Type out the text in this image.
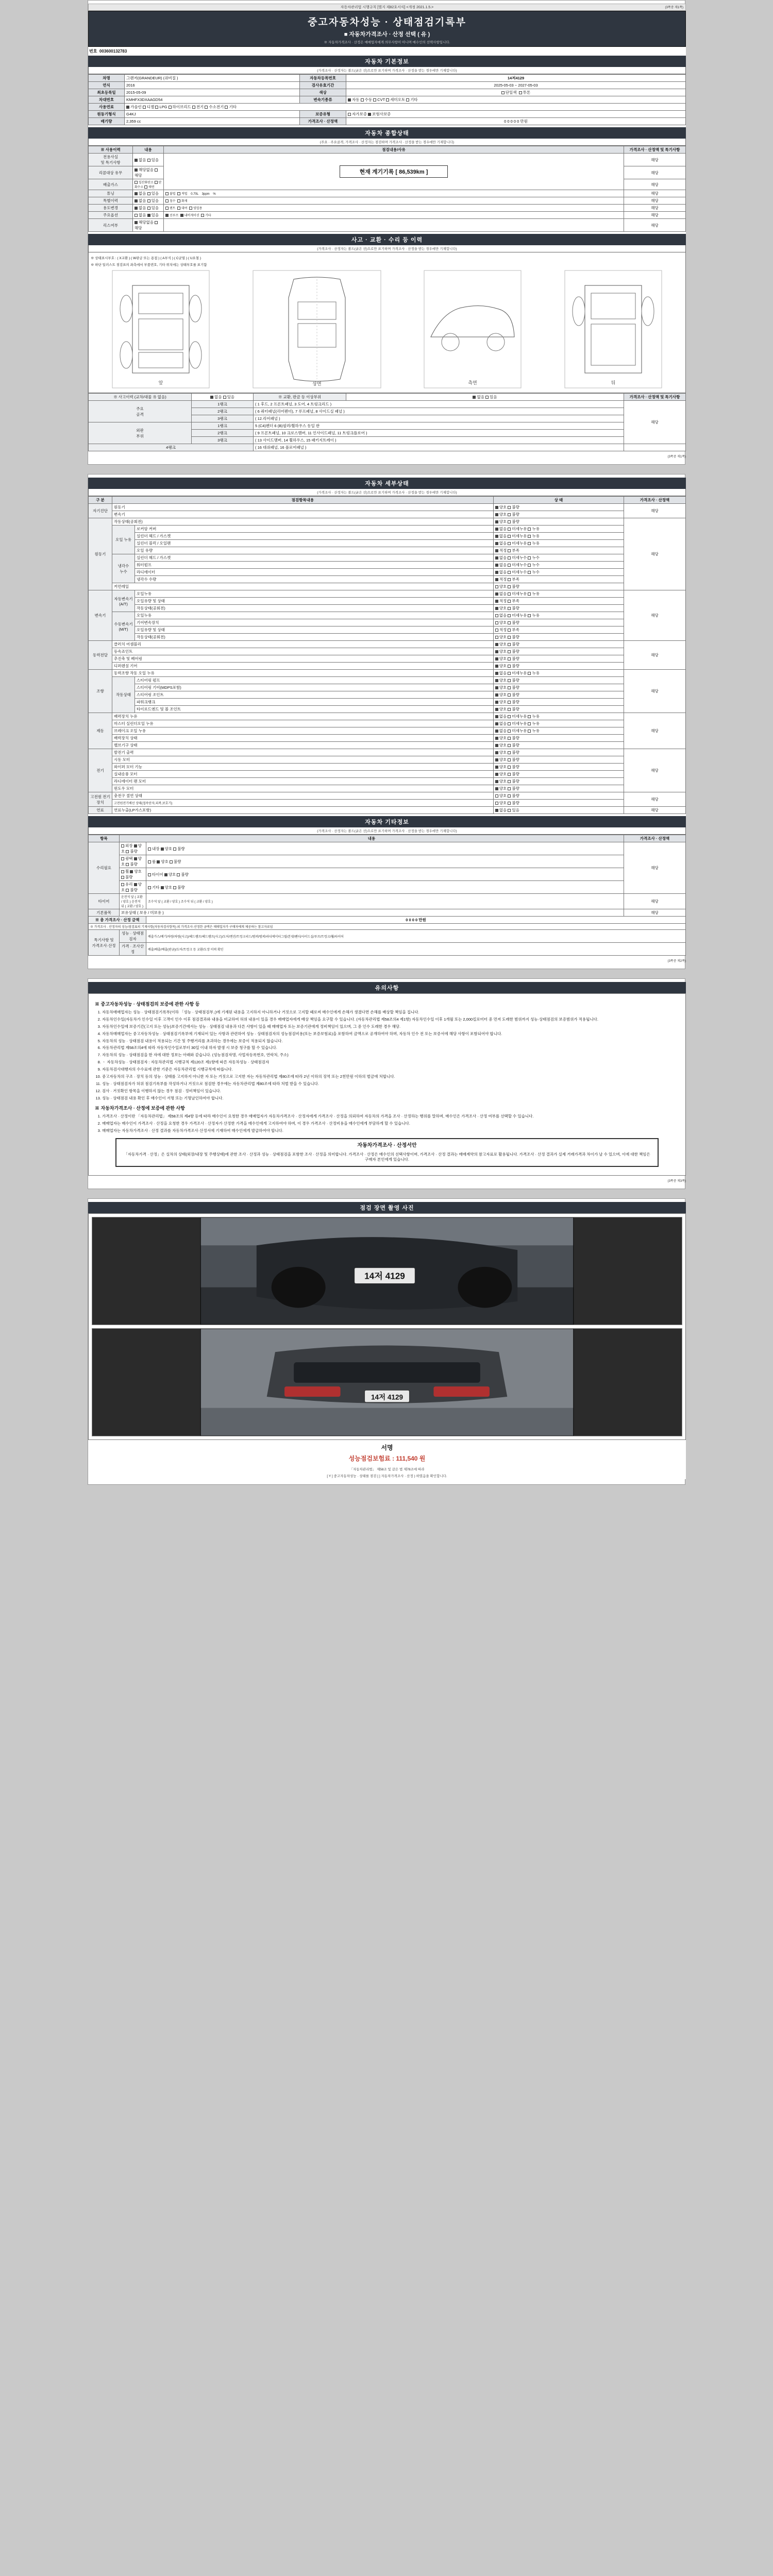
자동차관리법 시행규칙 [별지 제82호서식] <개정 2021.1.5.>	(3쪽중 제1쪽)
중고자동차성능 · 상태점검기록부
■ 자동차가격조사 · 산정 선택 ( 유 )
※ 자동차가격조사 · 산정은 매매업자에게 의무사항이 아니며 매수인의 선택사항입니다.
번호 003600132783
자동차 기본정보
(가격조사 · 산정자는 볼드(굵은 선)으로만 표기하며 가격조사 · 산정을 받는 경우에만 기재합니다)
차명	그랜저(GRANDEUR) (쉬비질 )	자동차등록번호	14저4129
연식	2016	검사유효기간	2025-05-03 ~ 2027-05-03
최초등록일	2015-05-09	색상	단일색  투톤
차대번호	KMHFX3DXAAGD54	변속기종류	자동 수동 CVT 세미오토 기타
사용연료	가솔린 디젤 LPG 하이브리드 전기 수소전기 기타		
원동기형식	G4KJ	보증유형	자가보증 보험사보증
배기량	2,359 cc	가격조사 · 산정액	0 0 0 0 0 만원
자동차 종합상태
(주요 · 주요골격, 가격조사 · 산정자는 점검하며 가격조사 · 산정을 받는 경우에만 기재합니다)
※ 사용이력	내용	점검내용/사유	가격조사 · 산정액 및 특기사항
전용사실
및 특기사항	없음 있음	현재 계기기록 [ 86,539km ]	해당
리콜대상 유무	해당없음 해당		해당
배출가스	일산화탄소 탄화수소 매연		해당
튜닝	없음 있음	불법  적법    0.70L    3ppm    %	해당
특별이력	없음 있음	침수  화재	해당
용도변경	없음 있음	렌트  대여  영업용	해당
주요옵션	없음 있음	선루프  내비게이션  기타	해당
리스여부	해당없음 해당		해당
사고 · 교환 · 수리 등 이력
(가격조사 · 산정자는 볼드(굵은 선)으로만 표기하며 가격조사 · 산정을 받는 경우에만 기재합니다)
※ 상태표시부호 : ( X교환 ) ( W판금 또는 용접 ) ( A부식 ) ( C균열 ) ( U요철 )
※ 하단 일러스트 점검표의 좌측에서 부품번호, 기타 위치에는 상태부호를 표기함
앞	상면	측면	뒤
※ 사고이력 (교차/대물 유 없음)	없음 있음	※ 교환, 판금 등 이상부위	없음 있음	가격조사 · 산정액 및 특기사항
주요
골격	1랭크	( 1 후드, 2 프론트패널, 3 도어, 4 트렁크리드 )		해당
	2랭크	( 6 쿼터패널(리어펜더), 7 루프패널, 8 사이드실 패널 )		
	3랭크	( 12.리어패널 )		
외판
부위	1랭크	5 (C4)펜더 6 (B)필러/휠하우스 동일 판		
	2랭크	( 9 프론트패널, 10 크로스멤버, 11 인사이드패널, 11 트렁크플로어 )		
	3랭크	( 13 사이드멤버, 14 휠하우스, 15 패키지트레이 )		
4랭크		( 16 대쉬패널, 16 플로어패널 )		
(3쪽중 제1쪽)
자동차 세부상태
(가격조사 · 산정자는 볼드(굵은 선)으로만 표기하며 가격조사 · 산정을 받는 경우에만 기재합니다)
구 분	점검항목내용		상 태	가격조사 · 산정액
자기진단	원동기		양호 불량	해당
	변속기		양호 불량	
원동기	작동상태(공회전)		양호 불량	해당
	오일 누유	로커암 커버	없음 미세누유 누유	
		실린더 헤드 / 가스켓	없음 미세누유 누유	
		실린더 블럭 / 오일팬	없음 미세누유 누유	
		오일 유량	적정 부족	
	냉각수
누수	실린더 헤드 / 가스켓	없음 미세누수 누수	
		워터펌프	없음 미세누수 누수	
		라디에이터	없음 미세누수 누수	
		냉각수 수량	적정 부족	
	커먼레일		양호 불량	
변속기	자동변속기
(A/T)	오일누유	없음 미세누유 누유	해당
		오일유량 및 상태	적정 부족	
		작동상태(공회전)	양호 불량	
	수동변속기
(M/T)	오일누유	없음 미세누유 누유	
		기어변속장치	양호 불량	
		오일유량 및 상태	적정 부족	
		작동상태(공회전)	양호 불량	
동력전달	클러치 어셈블리		양호 불량	해당
	등속죠인트		양호 불량	
	추진축 및 베어링		양호 불량	
	디퍼렌셜 기어		양호 불량	
조향	동력조향 작동 오일 누유		없음 미세누유 누유	해당
	작동상태	스티어링 펌프	양호 불량	
		스티어링 기어(MDPS포함)	양호 불량	
		스티어링 조인트	양호 불량	
		파워크랭크	양호 불량	
		타이로드엔드 및 볼 조인트	양호 불량	
제동	배력장치 누유		없음 미세누유 누유	해당
	마스터 실린더오일 누유		없음 미세누유 누유	
	브레이크 오일 누유		없음 미세누유 누유	
	배력장치 상태		양호 불량	
	밸브기구 상태		양호 불량	
전기	발전기 출력		양호 불량	해당
	시동 모터		양호 불량	
	와이퍼 모터 기능		양호 불량	
	실내송풍 모터		양호 불량	
	라디에이터 팬 모터		양호 불량	
	윈도우 모터		양호 불량	
고전원 전기장치	충전구 절연 상태		양호 불량	해당
	고전원전기배선 상태(접속단자,피복,보호기)		양호 불량	
연료	연료누출(LP가스포함)		없음 있음	해당
자동차 기타정보
(가격조사 · 산정자는 볼드(굵은 선)으로만 표기하며 가격조사 · 산정을 받는 경우에만 기재합니다)
항목	내용		가격조사 · 산정액
수리필요	외장 양호 불량	내장 양호 불량	해당
	광택 양호 불량	룸 양호 불량	
	휠 양호 불량	타이어 양호 불량	
	유리 양호 불량	기타 양호 불량	
타이어	운전석 앞 ( 교환 / 양호 ) 운전석 뒤 ( 교환 / 양호 )	조수석 앞 ( 교환 / 양호 ) 조수석 뒤 ( 교환 / 양호 )	해당
기본품목	보유상태 ( 보유 / 미보유 )		해당
※ 총 가격조사 · 산정 금액		0 0 0 0 만원	
※ 가격조사 · 산정자의 성능/점검표의 기재사항(자동차검사항목) 외 가격조사·산정한 금액은 매매업자가 구매자에게 제공하는 참고자료임			
특기사항 및
가격조사·산정	성능 · 상태점검자	배출가스/배기/차량/차량(사고)/헤드램프/헤드램프(사고)/도어/엔진/트렁크리드/범퍼/범퍼/라디에이터그릴/본넷/펜더/사이드실/루프/트렁크/휠/타이어	
	가격 · 조사산정	배출/배출/배출(판금)/도어/트렁크 등 교환/도장 이력 확인	
(3쪽중 제2쪽)
유의사항
※ 중고자동차성능 · 상태점검의 보증에 관한 사항 등
1. 자동차매매업자는 성능 · 상태점검기록부(이하 「성능 · 상태점검부」)에 기재된 내용을 고지하지 아니하거나 거짓으로 고지할 때로써 매수인에게 손해가 생겼다면 손해를 배상할 책임을 집니다.
2. 자동차인수일(자동차가 인수일 이후 고객이 인수 이후 점검결과와 내용을 비교하여 허위 내용이 있을 경우 매매업자에게 배상 책임을 요구할 수 있습니다. (자동차관리법 제58조의4 제1항) 자동차인수일 이후 1개월 또는 2,000킬로미터 중 먼저 도래한 범위까지 성능·상태점검의 보증범위가 적용됩니다.
3. 자동차인수일에 보증기간(고지 또는 성능)보증기간에서는 성능 · 상태점검 내용과 다른 사항이 있을 때 매매업자 또는 보증기관에게 정비책임이 있으며, 그 중 인수 도래한 경우 해당.
4. 자동차매매업자는 중고자동차성능 · 상태점검기록부에 기재되어 있는 사항과 관련하여 성능 · 상태점검자의 성능점검비용(또는 보증보험료)을 포함하여 금액으로 공개하여야 하며, 자동차 인수 전 또는 보증서에 해당 사항이 포함되어야 합니다.
5. 자동차의 성능 · 상태점검 내용이 적용되는 기간 및 주행거리를 초과하는 경우에는 보증이 적용되지 않습니다.
6. 자동차관리법 제58조의4에 따라 자동차인수일로부터 30일 이내 하자 발생 시 보증 청구를 할 수 있습니다.
7. 자동차의 성능 · 상태점검을 한 자에 대한 정보는 아래와 같습니다. (성능점검자명, 사업자등록번호, 연락처, 주소)
8. ㆍ 자동차성능 · 상태점검자 : 자동차관리법 시행규칙 제120조 제1항에 따른 자동차성능 · 상태점검자
9. 자동차검사대행자의 수수료에 관한 기준은 자동차관리법 시행규칙에 따릅니다.
10. 중고자동차의 구조 · 장치 등의 성능 · 상태를 고지하지 아니한 자 또는 거짓으로 고지한 자는 자동차관리법 제80조에 따라 2년 이하의 징역 또는 2천만원 이하의 벌금에 처합니다.
11. 성능 · 상태점검자가 허위 점검기록부를 작성하거나 거짓으로 점검한 경우에는 자동차관리법 제80조에 따라 처벌 받을 수 있습니다.
12. 검사 · 거짓확인 항목을 이행하지 않는 경우 점검 · 정비책임이 있습니다.
13. 성능 · 상태점검 내용 확인 후 매수인이 서명 또는 기명날인하여야 합니다.
※ 자동차가격조사 · 산정에 보증에 관한 사항
1. 가격조사 · 산정이란 「자동차관리법」 제58조의 제4항 등에 따라 매수인이 요청한 경우 매매업자가 자동차가격조사 · 산정자에게 가격조사 · 산정을 의뢰하여 자동차의 가격을 조사 · 산정하는 행위를 말하며, 매수인은 가격조사 · 산정 여부를 선택할 수 있습니다.
2. 매매업자는 매수인이 가격조사 · 산정을 요청한 경우 가격조사 · 산정자가 산정한 가격을 매수인에게 고지하여야 하며, 이 경우 가격조사 · 산정비용을 매수인에게 부담하게 할 수 있습니다.
3. 매매업자는 자동차가격조사 · 산정 결과를 자동차가격조사·산정서에 기재하여 매수인에게 발급하여야 합니다.
자동차가격조사 · 산정서안
「자동차가격 · 산정」은 실차의 상태(외장/내장 및 주행상태)에 관한 조사 · 산정과 성능 · 상태점검을 포함한 조사 · 산정을 의미합니다. 가격조사 · 산정은 매수인의 선택사항이며, 가격조사 · 산정 결과는 매매계약의 참고자료로 활용됩니다. 가격조사 · 산정 결과가 실제 거래가격과 차이가 날 수 있으며, 이에 대한 책임은 구매자 본인에게 있습니다.
(3쪽중 제3쪽)
점검 장면 촬영 사진
14저 4129
14저 4129
서명
성능점검보험료 : 111,540 원
「자동차관리법」 제58조 및 같은 법 제78조에 따라
[ Y ] 중고자동차성능 · 상태를 점검 [ ] 자동차가격조사 · 산정 ) 하였음을 확인합니다.
